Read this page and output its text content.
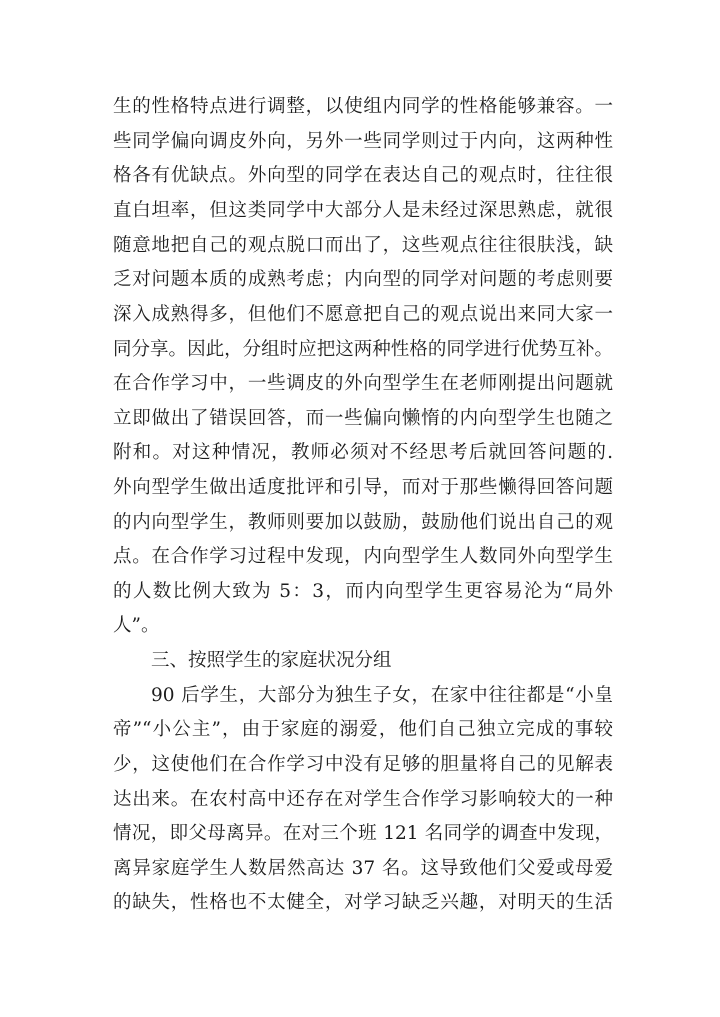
生的性格特点进行调整，以使组内同学的性格能够兼容。一
些同学偏向调皮外向，另外一些同学则过于内向，这两种性
格各有优缺点。外向型的同学在表达自己的观点时，往往很
直白坦率，但这类同学中大部分人是未经过深思熟虑，就很
随意地把自己的观点脱口而出了，这些观点往往很肤浅，缺
乏对问题本质的成熟考虑；内向型的同学对问题的考虑则要
深入成熟得多，但他们不愿意把自己的观点说出来同大家一
同分享。因此，分组时应把这两种性格的同学进行优势互补。
在合作学习中，一些调皮的外向型学生在老师刚提出问题就
立即做出了错误回答，而一些偏向懒惰的内向型学生也随之
附和。对这种情况，教师必须对不经思考后就回答问题的.
外向型学生做出适度批评和引导，而对于那些懒得回答问题
的内向型学生，教师则要加以鼓励，鼓励他们说出自己的观
点。在合作学习过程中发现，内向型学生人数同外向型学生
的人数比例大致为 5：3，而内向型学生更容易沦为“局外
人”。
三、按照学生的家庭状况分组
90 后学生，大部分为独生子女，在家中往往都是“小皇
帝”“小公主”，由于家庭的溺爱，他们自己独立完成的事较
少，这使他们在合作学习中没有足够的胆量将自己的见解表
达出来。在农村高中还存在对学生合作学习影响较大的一种
情况，即父母离异。在对三个班 121 名同学的调查中发现，
离异家庭学生人数居然高达 37 名。这导致他们父爱或母爱
的缺失，性格也不太健全，对学习缺乏兴趣，对明天的生活
